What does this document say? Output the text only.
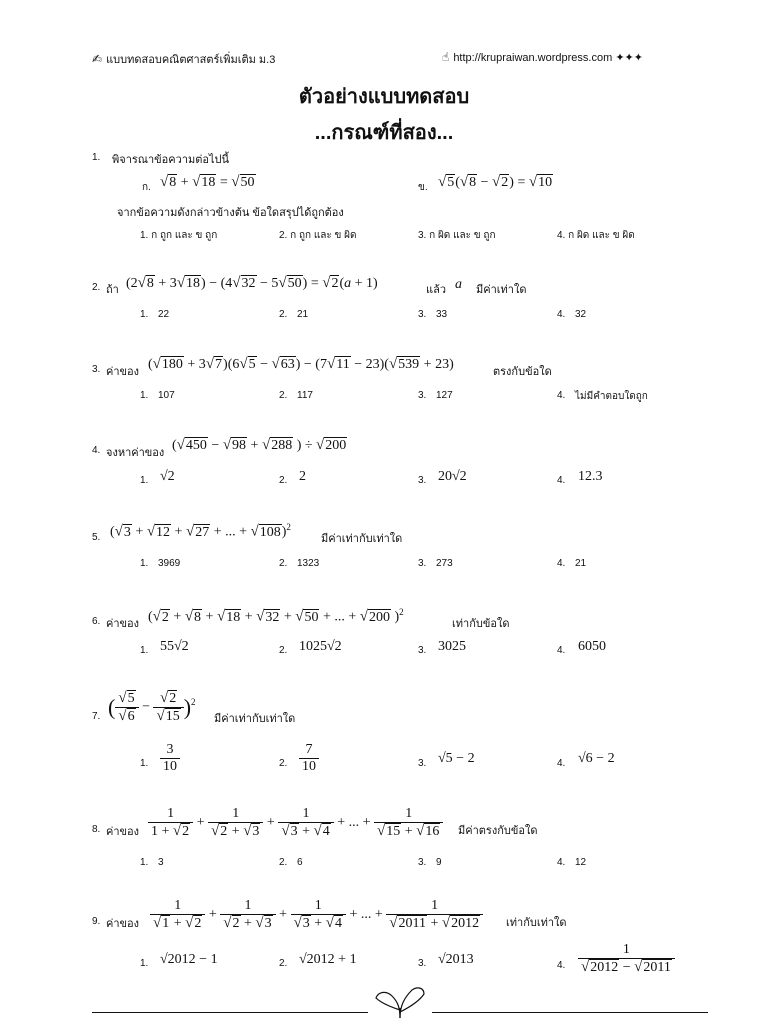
✍ แบบทดสอบคณิตศาสตร์เพิ่มเติม ม.3	☝ http://krupraiwan.wordpress.com ✦✦✦
ตัวอย่างแบบทดสอบ
...กรณฑ์ที่สอง...
1. พิจารณาข้อความต่อไปนี้
ก. √8 + √18 = √50	ข. √5(√8 − √2) = √10
จากข้อความดังกล่าวข้างต้น ข้อใดสรุปได้ถูกต้อง
1. ก ถูก และ ข ถูก	2. ก ถูก และ ข ผิด	3. ก ผิด และ ข ถูก	4. ก ผิด และ ข ผิด
2. ถ้า (2√8 + 3√18) − (4√32 − 5√50) = √2(a + 1)	แล้ว a มีค่าเท่าใด
1. 22	2. 21	3. 33	4. 32
3. ค่าของ (√180 + 3√7)(6√5 − √63) − (7√11 − 23)(√539 + 23)	ตรงกับข้อใด
1. 107	2. 117	3. 127	4. ไม่มีคำตอบใดถูก
4. จงหาค่าของ (√450 − √98 + √288 ) ÷ √200
1. √2	2. 2	3. 20√2	4. 12.3
5. (√3 + √12 + √27 + ... + √108)$^2$
มีค่าเท่ากับเท่าใด
1. 3969	2. 1323	3. 273	4. 21
6. ค่าของ (√2 + √8 + √18 + √32 + √50 + ... + √200 )$^2$
เท่ากับข้อใด
1. 55√2	2. 1025√2	3. 3025	4. 6050
7. ( $\frac{√5}{√6} - \frac{√2}{√15} )^2$
มีค่าเท่ากับเท่าใด
1. $\frac{3}{10}$	2. $\frac{7}{10}$	3. √5 − 2	4. √6 − 2
8. ค่าของ $\frac{1}{1 + √2} + \frac{1}{√2 + √3} + \frac{1}{√3 + √4}$ + ... + $\frac{1}{√15 + √16}$ มีค่าตรงกับข้อใด
1. 3	2. 6	3. 9	4. 12
9. ค่าของ $\frac{1}{√1 + √2} + \frac{1}{√2 + √3} + \frac{1}{√3 + √4}$ + ... + $\frac{1}{√2011 + √2012}$ เท่ากับเท่าใด
1. √2012 − 1	2. √2012 + 1	3. √2013	4. $\frac{1}{√2012 - √2011}$
